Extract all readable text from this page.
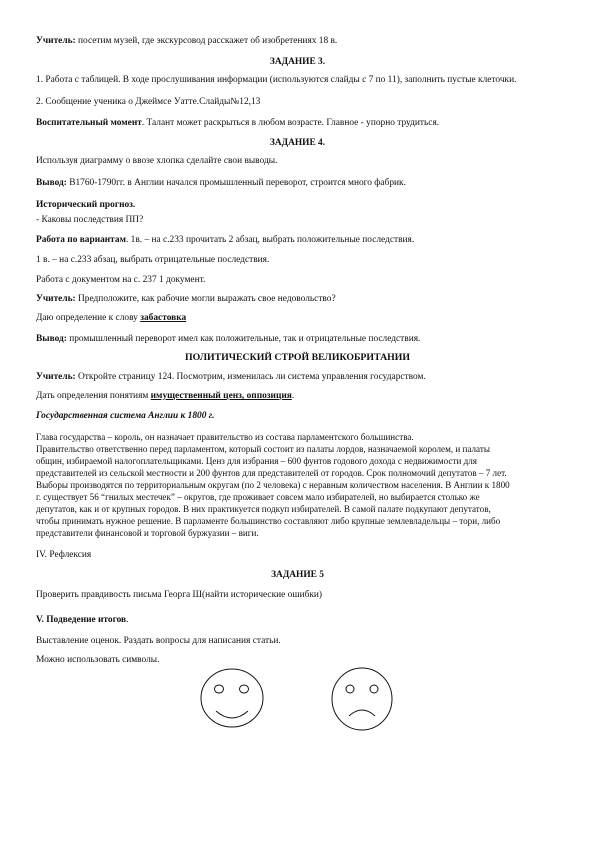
Учитель: посетим музей, где экскурсовод расскажет об изобретениях 18 в.
ЗАДАНИЕ 3.
1. Работа с таблицей. В ходе прослушивания информации (используются слайды с 7 по 11), заполнить пустые клеточки.
2. Сообщение ученика о Джеймсе Уатте.Слайды№12,13
Воспитательный момент. Талант может раскрыться в любом возрасте. Главное - упорно трудиться.
ЗАДАНИЕ 4.
Используя диаграмму о ввозе хлопка сделайте свои выводы.
Вывод: В1760-1790гг. в Англии начался промышленный переворот, строится много фабрик.
Исторический прогноз.
- Каковы последствия ПП?
Работа по вариантам. 1в. – на с.233 прочитать 2 абзац, выбрать положительные последствия.
1 в. – на с.233 абзац, выбрать отрицательные последствия.
Работа с документом на с. 237 1 документ.
Учитель: Предположите, как рабочие могли выражать свое недовольство?
Даю определение к слову забастовка
Вывод: промышленный переворот имел как положительные, так и отрицательные последствия.
ПОЛИТИЧЕСКИЙ СТРОЙ ВЕЛИКОБРИТАНИИ
Учитель: Откройте страницу 124. Посмотрим, изменилась ли система управления государством.
Дать определения понятиям имущественный ценз, оппозиция.
Государственная система Англии к 1800 г.
Глава государства – король, он назначает правительство из состава парламентского большинства.
Правительство ответственно перед парламентом, который состоит из палаты лордов, назначаемой королем, и палаты
общин, избираемой налогоплательщиками. Ценз для избрания – 600 фунтов годового дохода с недвижимости для
представителей из сельской местности и 200 фунтов для представителей от городов. Срок полномочий депутатов – 7 лет.
Выборы производятся по территориальным округам (по 2 человека) с неравным количеством населения. В Англии к 1800
г. существует 56 “гнилых местечек” – округов, где проживает совсем мало избирателей, но выбирается столько же
депутатов, как и от крупных городов. В них практикуется подкуп избирателей. В самой палате подкупают депутатов,
чтобы принимать нужное решение. В парламенте большинство составляют либо крупные землевладельцы – тори, либо
представители финансовой и торговой буржуазии – виги.
IV. Рефлексия
ЗАДАНИЕ 5
Проверить правдивость письма Георга Ш(найти исторические ошибки)
V. Подведение итогов.
Выставление оценок. Раздать вопросы для написания статьи.
Можно использовать символы.
